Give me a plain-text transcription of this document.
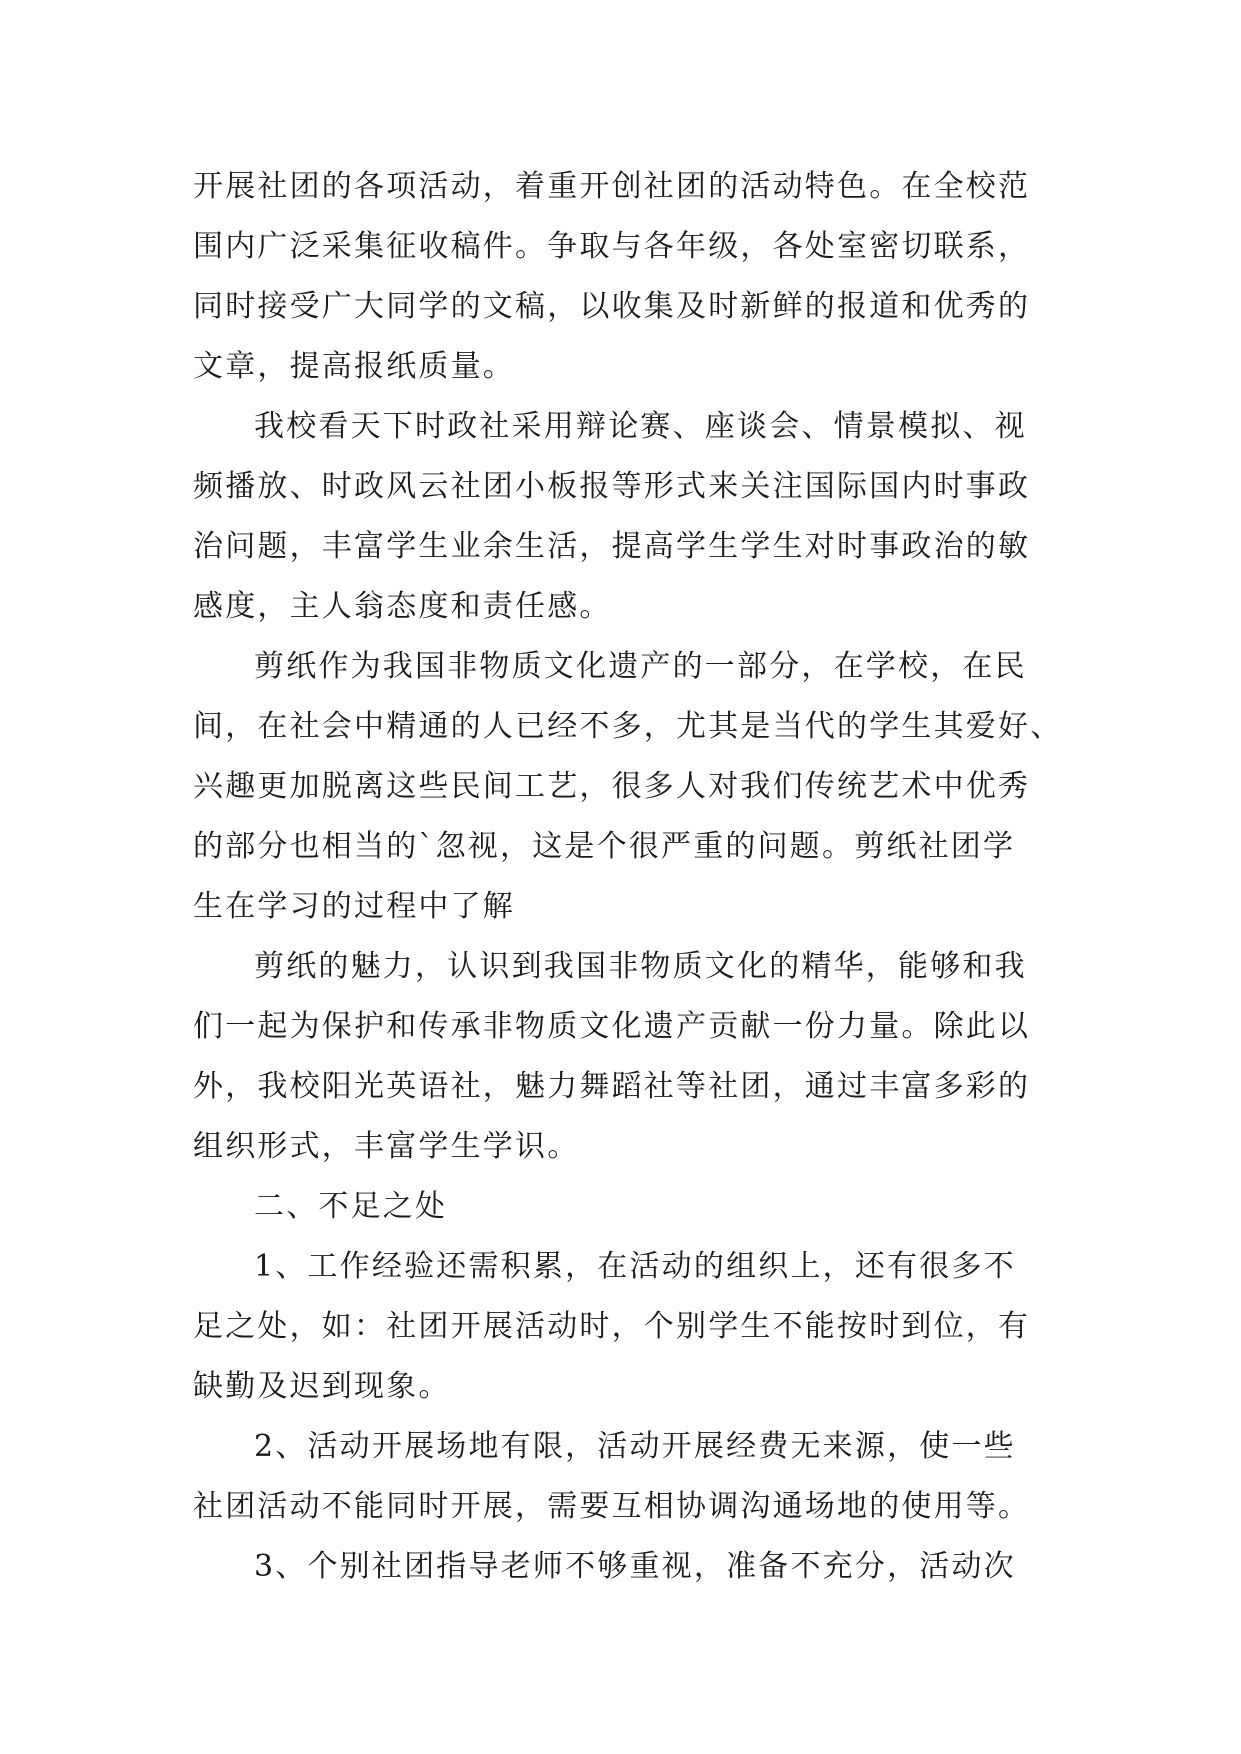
开展社团的各项活动，着重开创社团的活动特色。在全校范
围内广泛采集征收稿件。争取与各年级，各处室密切联系，
同时接受广大同学的文稿，以收集及时新鲜的报道和优秀的
文章，提高报纸质量。
我校看天下时政社采用辩论赛、座谈会、情景模拟、视
频播放、时政风云社团小板报等形式来关注国际国内时事政
治问题，丰富学生业余生活，提高学生学生对时事政治的敏
感度，主人翁态度和责任感。
剪纸作为我国非物质文化遗产的一部分，在学校，在民
间，在社会中精通的人已经不多，尤其是当代的学生其爱好、
兴趣更加脱离这些民间工艺，很多人对我们传统艺术中优秀
的部分也相当的`忽视，这是个很严重的问题。剪纸社团学
生在学习的过程中了解
剪纸的魅力，认识到我国非物质文化的精华，能够和我
们一起为保护和传承非物质文化遗产贡献一份力量。除此以
外，我校阳光英语社，魅力舞蹈社等社团，通过丰富多彩的
组织形式，丰富学生学识。
二、不足之处
1、工作经验还需积累，在活动的组织上，还有很多不
足之处，如：社团开展活动时，个别学生不能按时到位，有
缺勤及迟到现象。
2、活动开展场地有限，活动开展经费无来源，使一些
社团活动不能同时开展，需要互相协调沟通场地的使用等。
3、个别社团指导老师不够重视，准备不充分，活动次
